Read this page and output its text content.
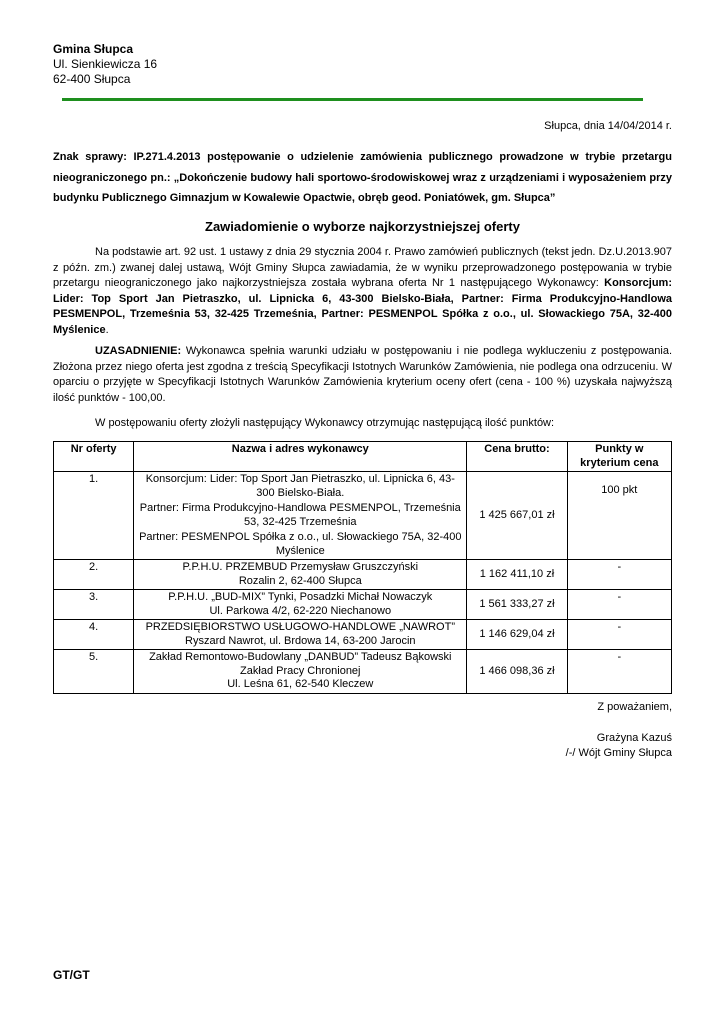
Gmina Słupca
Ul. Sienkiewicza 16
62-400 Słupca
Słupca, dnia 14/04/2014 r.
Znak sprawy: IP.271.4.2013 postępowanie o udzielenie zamówienia publicznego prowadzone w trybie przetargu nieograniczonego pn.: „Dokończenie budowy hali sportowo-środowiskowej wraz z urządzeniami i wyposażeniem przy budynku Publicznego Gimnazjum w Kowalewie Opactwie, obręb geod. Poniatówek, gm. Słupca”
Zawiadomienie o wyborze najkorzystniejszej oferty
Na podstawie art. 92 ust. 1 ustawy z dnia 29 stycznia 2004 r. Prawo zamówień publicznych (tekst jedn. Dz.U.2013.907 z późn. zm.) zwanej dalej ustawą, Wójt Gminy Słupca zawiadamia, że w wyniku przeprowadzonego postępowania w trybie przetargu nieograniczonego jako najkorzystniejsza została wybrana oferta Nr 1 następującego Wykonawcy: Konsorcjum: Lider: Top Sport Jan Pietraszko, ul. Lipnicka 6, 43-300 Bielsko-Biała, Partner: Firma Produkcyjno-Handlowa PESMENPOL, Trzemeśnia 53, 32-425 Trzemeśnia, Partner: PESMENPOL Spółka z o.o., ul. Słowackiego 75A, 32-400 Myślenice.
UZASADNIENIE: Wykonawca spełnia warunki udziału w postępowaniu i nie podlega wykluczeniu z postępowania. Złożona przez niego oferta jest zgodna z treścią Specyfikacji Istotnych Warunków Zamówienia, nie podlega ona odrzuceniu. W oparciu o przyjęte w Specyfikacji Istotnych Warunków Zamówienia kryterium oceny ofert (cena - 100 %) uzyskała najwyższą ilość punktów - 100,00.
W postępowaniu oferty złożyli następujący Wykonawcy otrzymując następującą ilość punktów:
Nr oferty	Nazwa i adres wykonawcy	Cena brutto:	Punkty w kryterium cena
1.	Konsorcjum: Lider: Top Sport Jan Pietraszko, ul. Lipnicka 6, 43-300 Bielsko-Biała.
Partner: Firma Produkcyjno-Handlowa PESMENPOL, Trzemeśnia 53, 32-425 Trzemeśnia
Partner: PESMENPOL Spółka z o.o., ul. Słowackiego 75A, 32-400 Myślenice	1 425 667,01 zł	100 pkt
2.	P.P.H.U. PRZEMBUD Przemysław Gruszczyński
Rozalin 2, 62-400 Słupca	1 162 411,10 zł	-
3.	P.P.H.U. „BUD-MIX” Tynki, Posadzki Michał Nowaczyk
Ul. Parkowa 4/2, 62-220 Niechanowo	1 561 333,27 zł	-
4.	PRZEDSIĘBIORSTWO USŁUGOWO-HANDLOWE „NAWROT”
Ryszard Nawrot, ul. Brdowa 14, 63-200 Jarocin	1 146 629,04 zł	-
5.	Zakład Remontowo-Budowlany „DANBUD” Tadeusz Bąkowski
Zakład Pracy Chronionej
Ul. Leśna 61, 62-540 Kleczew	1 466 098,36 zł	-
Z poważaniem,
Grażyna Kazuś
/-/ Wójt Gminy Słupca
GT/GT
